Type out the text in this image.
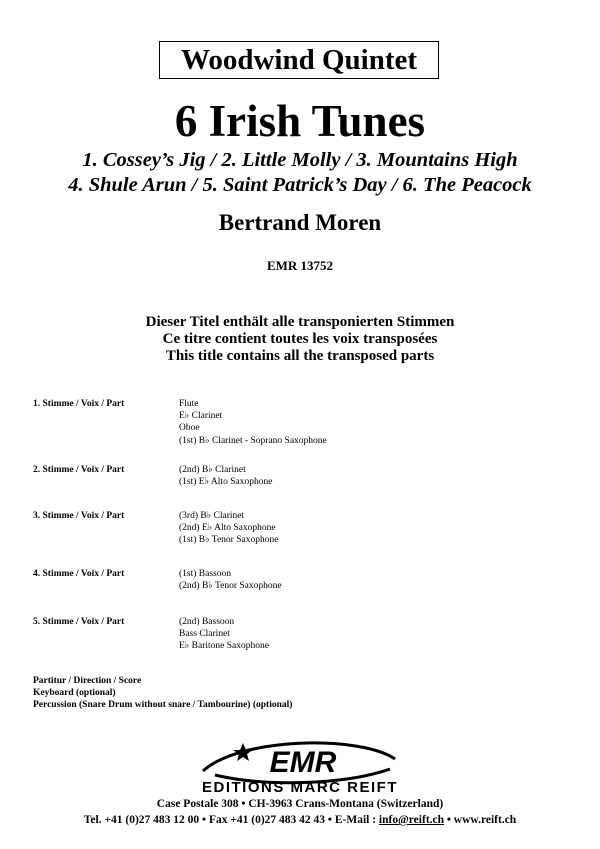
Woodwind Quintet
6 Irish Tunes
1. Cossey’s Jig / 2. Little Molly / 3. Mountains High
4. Shule Arun / 5. Saint Patrick’s Day / 6. The Peacock
Bertrand Moren
EMR 13752
Dieser Titel enthält alle transponierten Stimmen
Ce titre contient toutes les voix transposées
This title contains all the transposed parts
1. Stimme / Voix / Part	Flute
E♭ Clarinet
Oboe
(1st) B♭ Clarinet - Soprano Saxophone
2. Stimme / Voix / Part	(2nd) B♭ Clarinet
(1st) E♭ Alto Saxophone
3. Stimme / Voix / Part	(3rd) B♭ Clarinet
(2nd) E♭ Alto Saxophone
(1st) B♭ Tenor Saxophone
4. Stimme / Voix / Part	(1st) Bassoon
(2nd) B♭ Tenor Saxophone
5. Stimme / Voix / Part	(2nd) Bassoon
Bass Clarinet
E♭ Baritone Saxophone
Partitur / Direction / Score
Keyboard (optional)
Percussion (Snare Drum without snare / Tambourine) (optional)
EMR
EDITIONS MARC REIFT
Case Postale 308 • CH-3963 Crans-Montana (Switzerland)
Tel. +41 (0)27 483 12 00 • Fax +41 (0)27 483 42 43 • E-Mail : info@reift.ch • www.reift.ch
